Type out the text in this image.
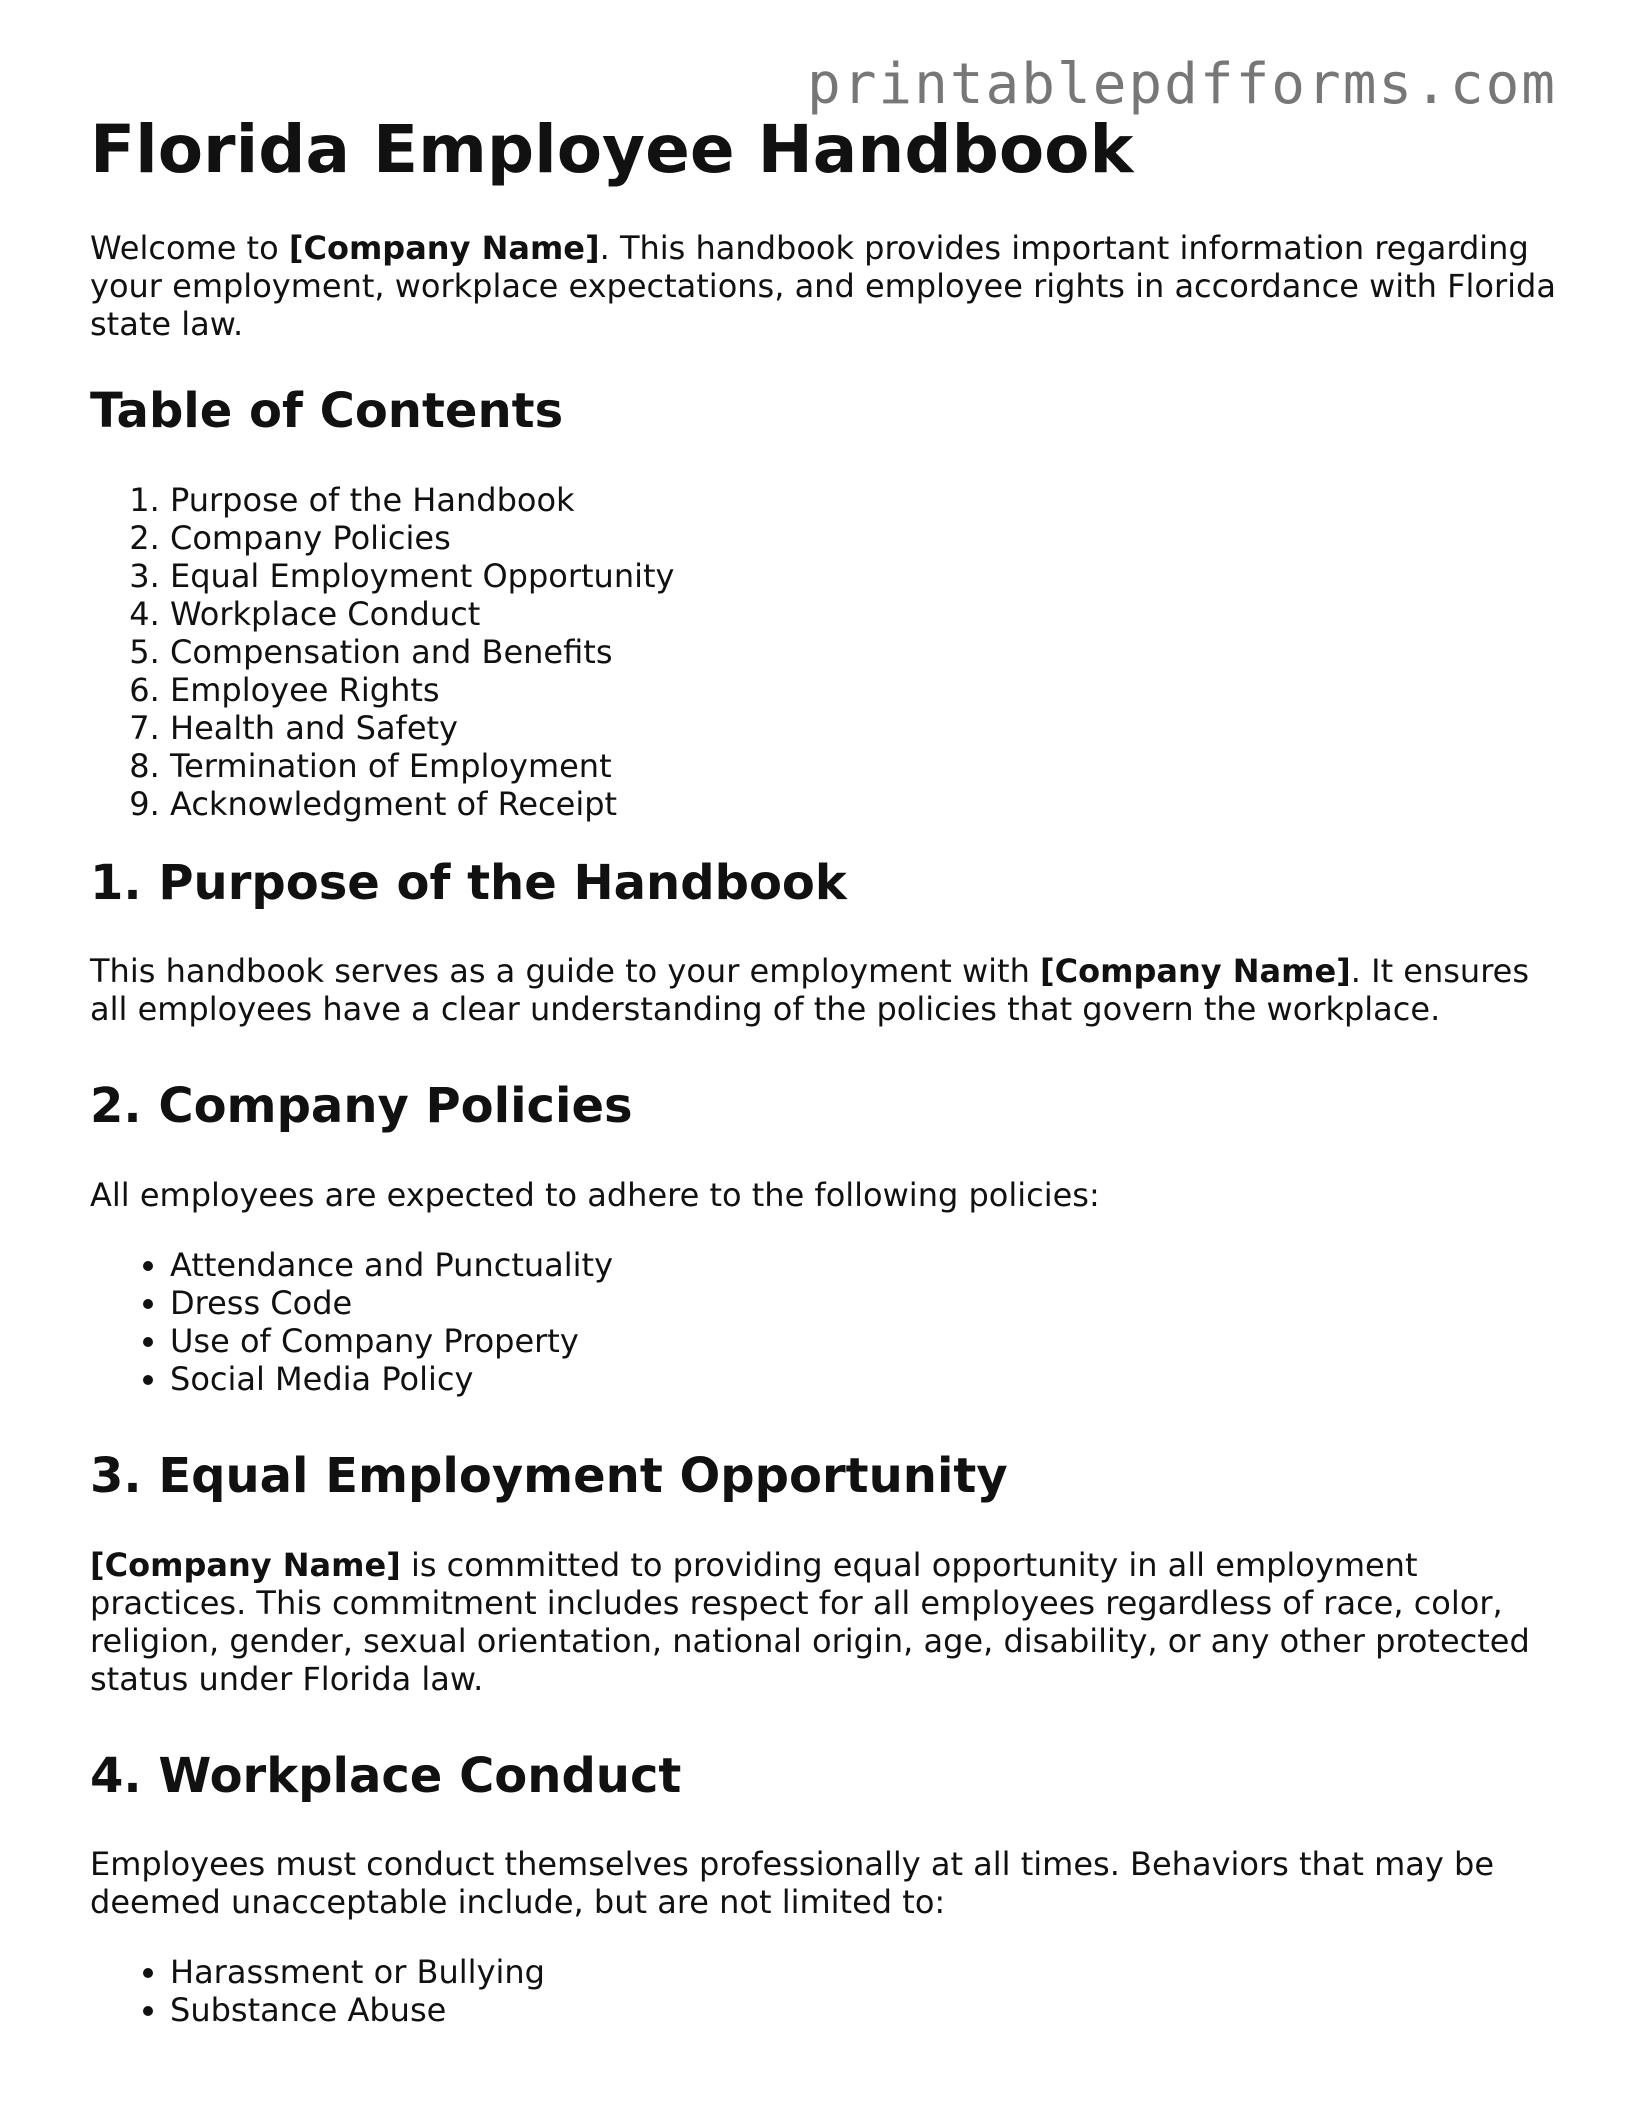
printablepdfforms.com
Florida Employee Handbook

Welcome to [Company Name]. This handbook provides important information regarding your employment, workplace expectations, and employee rights in accordance with Florida state law.

Table of Contents
1. Purpose of the Handbook
2. Company Policies
3. Equal Employment Opportunity
4. Workplace Conduct
5. Compensation and Benefits
6. Employee Rights
7. Health and Safety
8. Termination of Employment
9. Acknowledgment of Receipt
1. Purpose of the Handbook

This handbook serves as a guide to your employment with [Company Name]. It ensures all employees have a clear understanding of the policies that govern the workplace.

2. Company Policies

All employees are expected to adhere to the following policies:

• Attendance and Punctuality
• Dress Code
• Use of Company Property
• Social Media Policy
3. Equal Employment Opportunity

[Company Name] is committed to providing equal opportunity in all employment practices. This commitment includes respect for all employees regardless of race, color, religion, gender, sexual orientation, national origin, age, disability, or any other protected status under Florida law.

4. Workplace Conduct

Employees must conduct themselves professionally at all times. Behaviors that may be deemed unacceptable include, but are not limited to:

• Harassment or Bullying
• Substance Abuse
